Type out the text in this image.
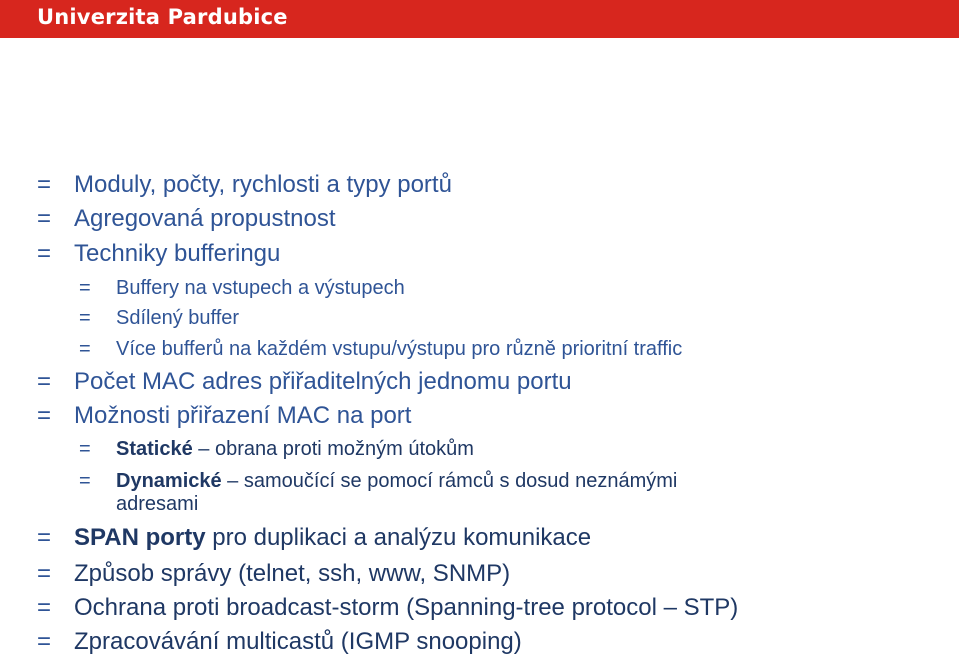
Univerzita Pardubice
= Moduly, počty, rychlosti a typy portů
= Agregovaná propustnost
= Techniky bufferingu
= Buffery na vstupech a výstupech
= Sdílený buffer
= Více bufferů na každém vstupu/výstupu pro různě prioritní traffic
= Počet MAC adres přiřaditelných jednomu portu
= Možnosti přiřazení MAC na port
= Statické – obrana proti možným útokům
= Dynamické – samoučící se pomocí rámců s dosud neznámými
adresami
= SPAN porty pro duplikaci a analýzu komunikace
= Způsob správy (telnet, ssh, www, SNMP)
= Ochrana proti broadcast-storm (Spanning-tree protocol – STP)
= Zpracovávání multicastů (IGMP snooping)
